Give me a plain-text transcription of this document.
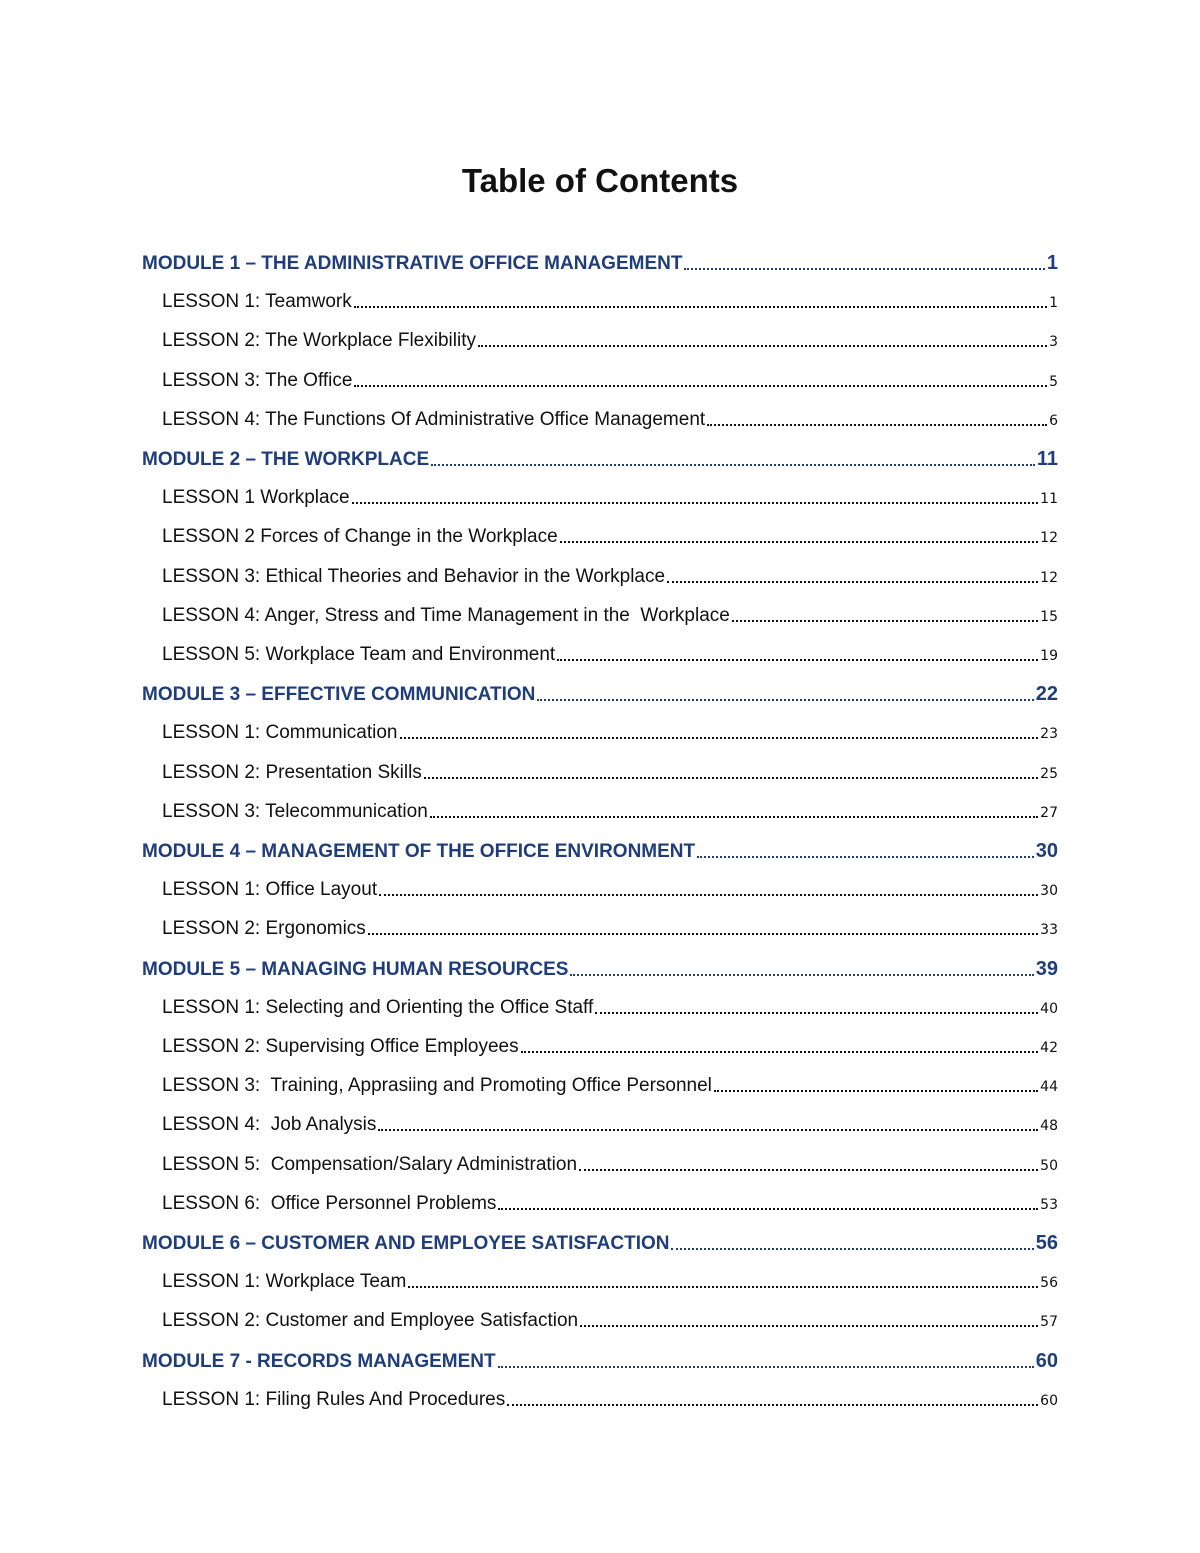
Table of Contents
MODULE 1 – THE ADMINISTRATIVE OFFICE MANAGEMENT	1
LESSON 1: Teamwork	1
LESSON 2: The Workplace Flexibility	3
LESSON 3: The Office	5
LESSON 4: The Functions Of Administrative Office Management	6
MODULE 2 – THE WORKPLACE	11
LESSON 1 Workplace	11
LESSON 2 Forces of Change in the Workplace	12
LESSON 3: Ethical Theories and Behavior in the Workplace	12
LESSON 4: Anger, Stress and Time Management in the  Workplace	15
LESSON 5: Workplace Team and Environment	19
MODULE 3 – EFFECTIVE COMMUNICATION	22
LESSON 1: Communication	23
LESSON 2: Presentation Skills	25
LESSON 3: Telecommunication	27
MODULE 4 – MANAGEMENT OF THE OFFICE ENVIRONMENT	30
LESSON 1: Office Layout	30
LESSON 2: Ergonomics	33
MODULE 5 – MANAGING HUMAN RESOURCES	39
LESSON 1: Selecting and Orienting the Office Staff	40
LESSON 2: Supervising Office Employees	42
LESSON 3:  Training, Apprasiing and Promoting Office Personnel	44
LESSON 4:  Job Analysis	48
LESSON 5:  Compensation/Salary Administration	50
LESSON 6:  Office Personnel Problems	53
MODULE 6 – CUSTOMER AND EMPLOYEE SATISFACTION	56
LESSON 1: Workplace Team	56
LESSON 2: Customer and Employee Satisfaction	57
MODULE 7 - RECORDS MANAGEMENT	60
LESSON 1: Filing Rules And Procedures	60
